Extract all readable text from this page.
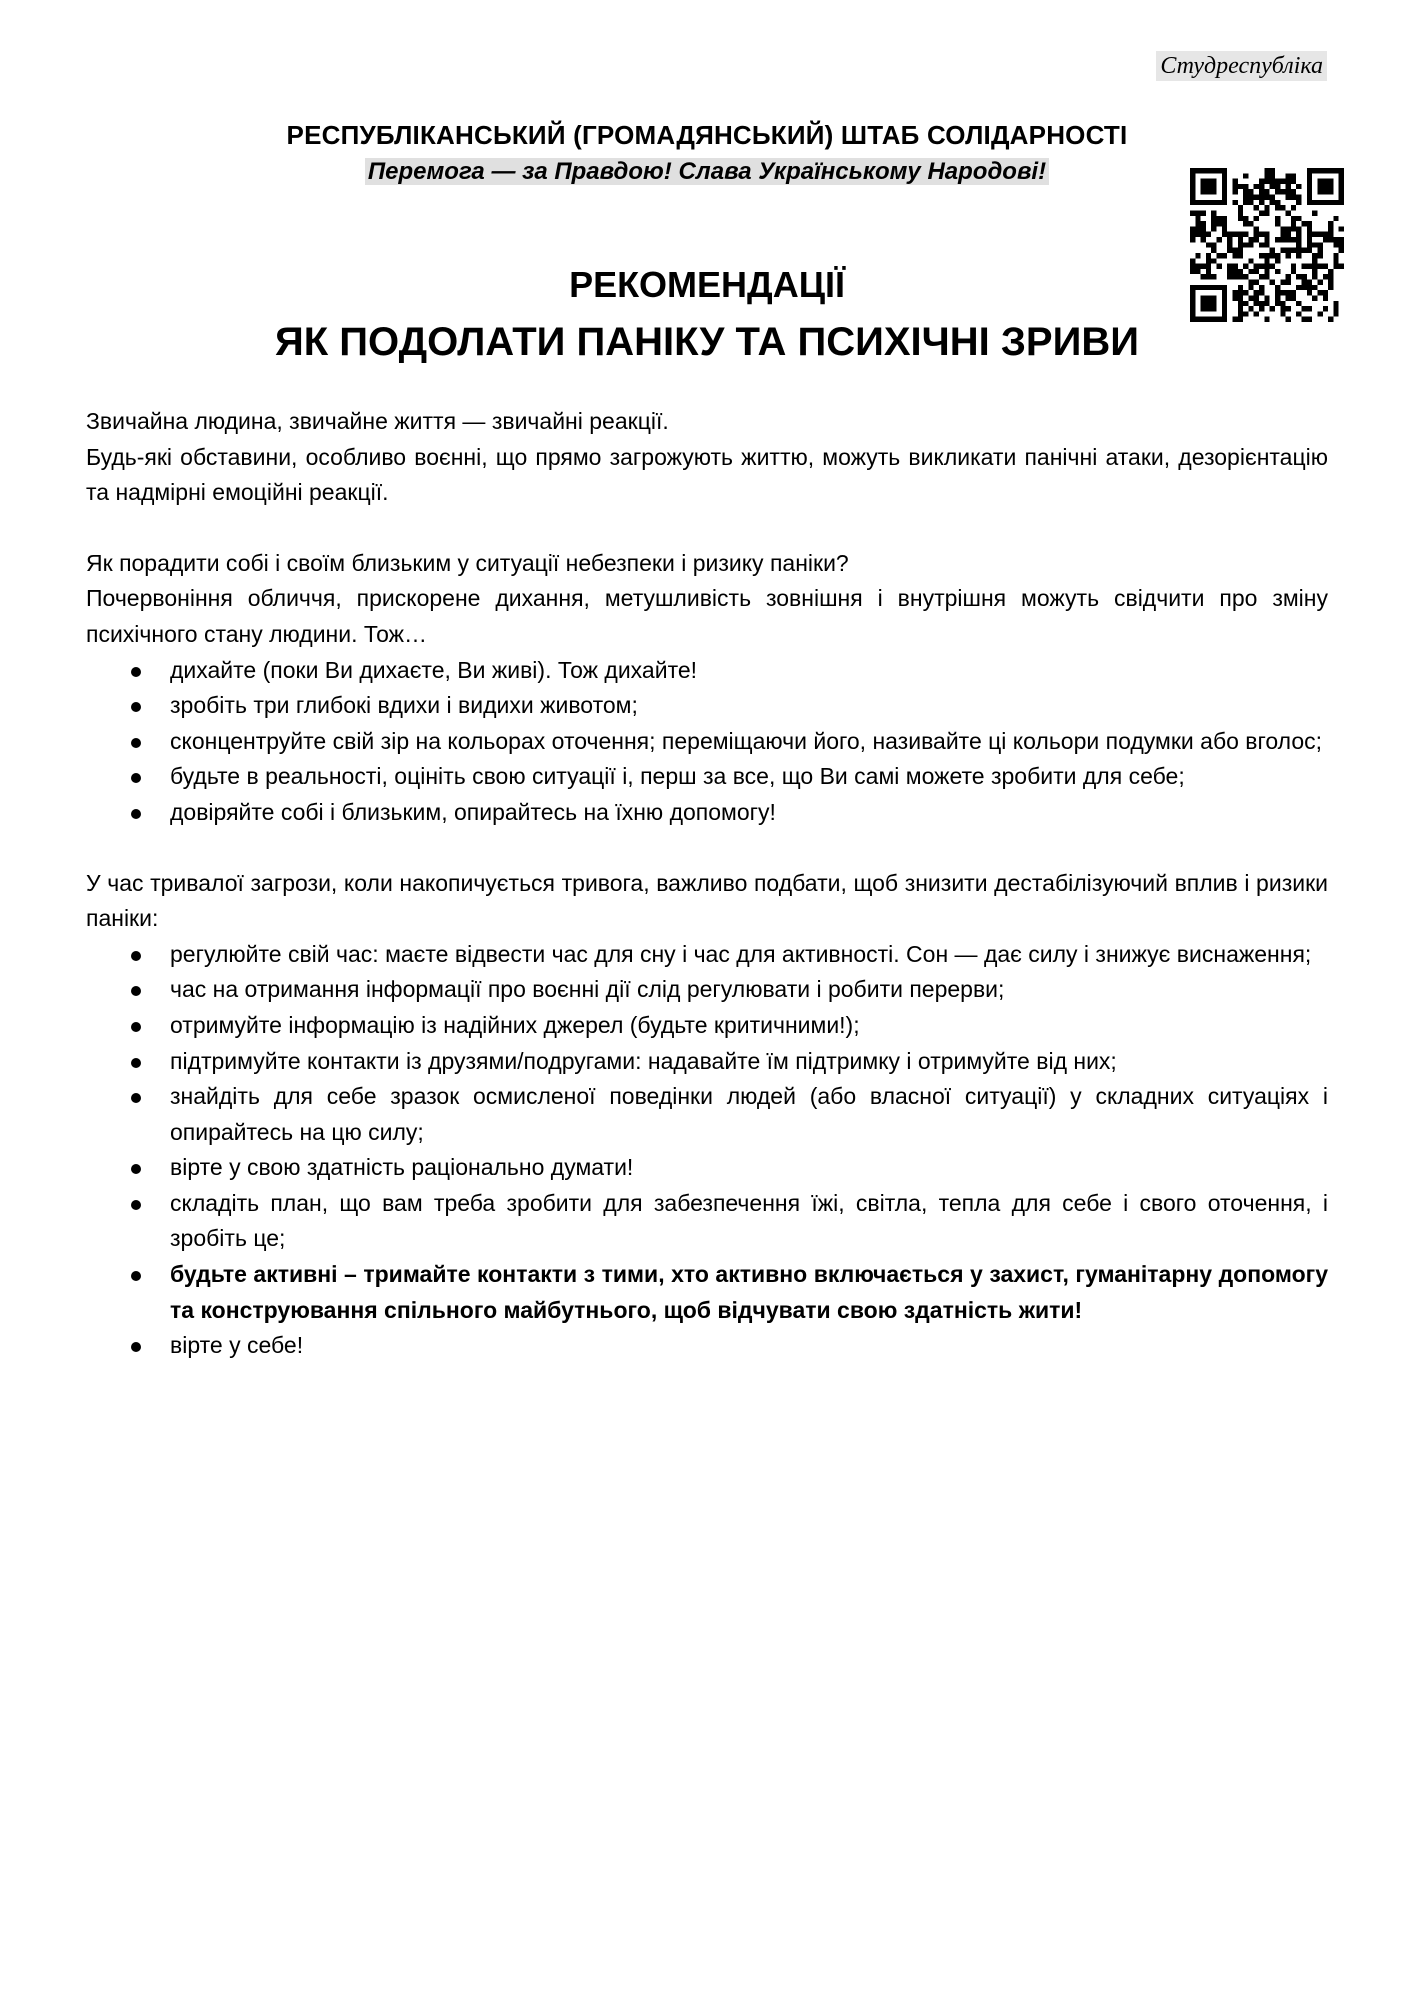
Студреспубліка
РЕСПУБЛІКАНСЬКИЙ (ГРОМАДЯНСЬКИЙ) ШТАБ СОЛІДАРНОСТІ
Перемога — за Правдою! Слава Українському Народові!
РЕКОМЕНДАЦІЇ
ЯК ПОДОЛАТИ ПАНІКУ ТА ПСИХІЧНІ ЗРИВИ

Звичайна людина, звичайне життя — звичайні реакції.

Будь-які обставини, особливо воєнні, що прямо загрожують життю, можуть викликати панічні атаки, дезорієнтацію та надмірні емоційні реакції.

Як порадити собі і своїм близьким у ситуації небезпеки і ризику паніки?

Почервоніння обличчя, прискорене дихання, метушливість зовнішня і внутрішня можуть свідчити про зміну психічного стану людини. Тож…

дихайте (поки Ви дихаєте, Ви живі). Тож дихайте!
зробіть три глибокі вдихи і видихи животом;
сконцентруйте свій зір на кольорах оточення; переміщаючи його, називайте ці кольори подумки або вголос;
будьте в реальності, оцініть свою ситуації і, перш за все, що Ви самі можете зробити для себе;
довіряйте собі і близьким, опирайтесь на їхню допомогу!

У час тривалої загрози, коли накопичується тривога, важливо подбати, щоб знизити дестабілізуючий вплив і ризики паніки:

регулюйте свій час: маєте відвести час для сну і час для активності. Сон — дає силу і знижує виснаження;
час на отримання інформації про воєнні дії слід регулювати і робити перерви;
отримуйте інформацію із надійних джерел (будьте критичними!);
підтримуйте контакти із друзями/подругами: надавайте їм підтримку і отримуйте від них;
знайдіть для себе зразок осмисленої поведінки людей (або власної ситуації) у складних ситуаціях і опирайтесь на цю силу;
вірте у свою здатність раціонально думати!
складіть план, що вам треба зробити для забезпечення їжі, світла, тепла для себе і свого оточення, і зробіть це;
будьте активні – тримайте контакти з тими, хто активно включається у захист, гуманітарну допомогу та конструювання спільного майбутнього, щоб відчувати свою здатність жити!
вірте у себе!
